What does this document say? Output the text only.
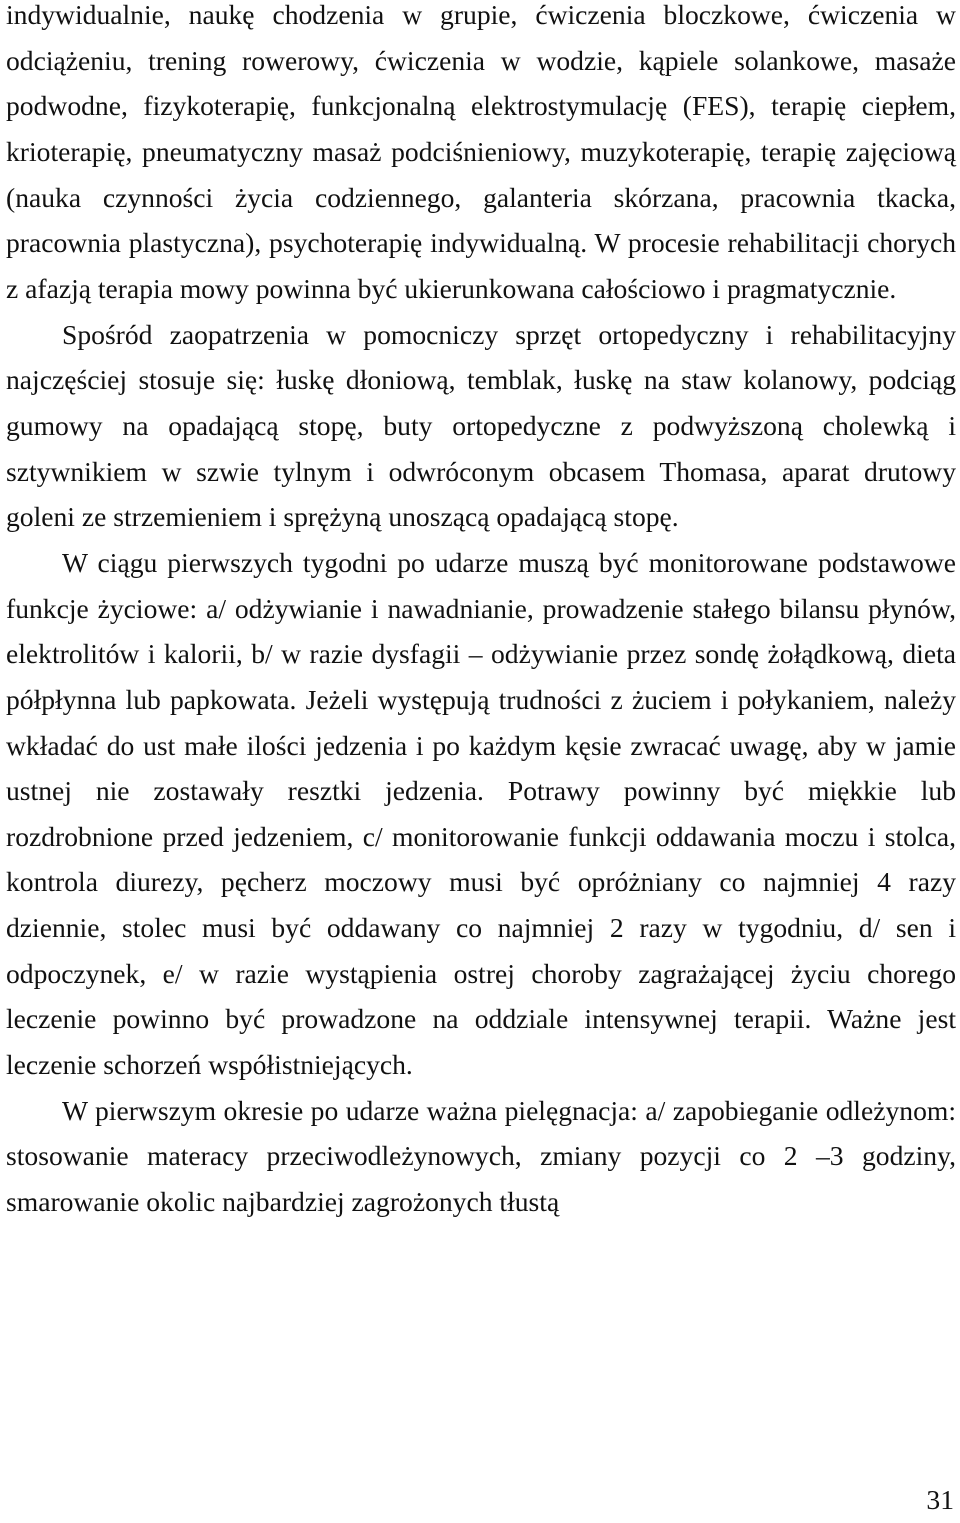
indywidualnie, naukę chodzenia w grupie, ćwiczenia bloczkowe, ćwiczenia w odciążeniu, trening rowerowy, ćwiczenia w wodzie, kąpiele solankowe, masaże podwodne, fizykoterapię, funkcjonalną elektrostymulację (FES), terapię ciepłem, krioterapię, pneumatyczny masaż podciśnieniowy, muzykoterapię, terapię zajęciową (nauka czynności życia codziennego, galanteria skórzana, pracownia tkacka, pracownia plastyczna), psychoterapię indywidualną. W procesie rehabilitacji chorych z afazją terapia mowy powinna być ukierunkowana całościowo i pragmatycznie.

Spośród zaopatrzenia w pomocniczy sprzęt ortopedyczny i rehabilitacyjny najczęściej stosuje się: łuskę dłoniową, temblak, łuskę na staw kolanowy, podciąg gumowy na opadającą stopę, buty ortopedyczne z podwyższoną cholewką i sztywnikiem w szwie tylnym i odwróconym obcasem Thomasa, aparat drutowy goleni ze strzemieniem i sprężyną unoszącą opadającą stopę.

W ciągu pierwszych tygodni po udarze muszą być monitorowane podstawowe funkcje życiowe: a/ odżywianie i nawadnianie, prowadzenie stałego bilansu płynów, elektrolitów i kalorii, b/ w razie dysfagii – odżywianie przez sondę żołądkową, dieta półpłynna lub papkowata. Jeżeli występują trudności z żuciem i połykaniem, należy wkładać do ust małe ilości jedzenia i po każdym kęsie zwracać uwagę, aby w jamie ustnej nie zostawały resztki jedzenia. Potrawy powinny być miękkie lub rozdrobnione przed jedzeniem, c/ monitorowanie funkcji oddawania moczu i stolca, kontrola diurezy, pęcherz moczowy musi być opróżniany co najmniej 4 razy dziennie, stolec musi być oddawany co najmniej 2 razy w tygodniu, d/ sen i odpoczynek, e/ w razie wystąpienia ostrej choroby zagrażającej życiu chorego leczenie powinno być prowadzone na oddziale intensywnej terapii. Ważne jest leczenie schorzeń współistniejących.

W pierwszym okresie po udarze ważna pielęgnacja: a/ zapobieganie odleżynom: stosowanie materacy przeciwodleżynowych, zmiany pozycji co 2 –3 godziny, smarowanie okolic najbardziej zagrożonych tłustą

31
